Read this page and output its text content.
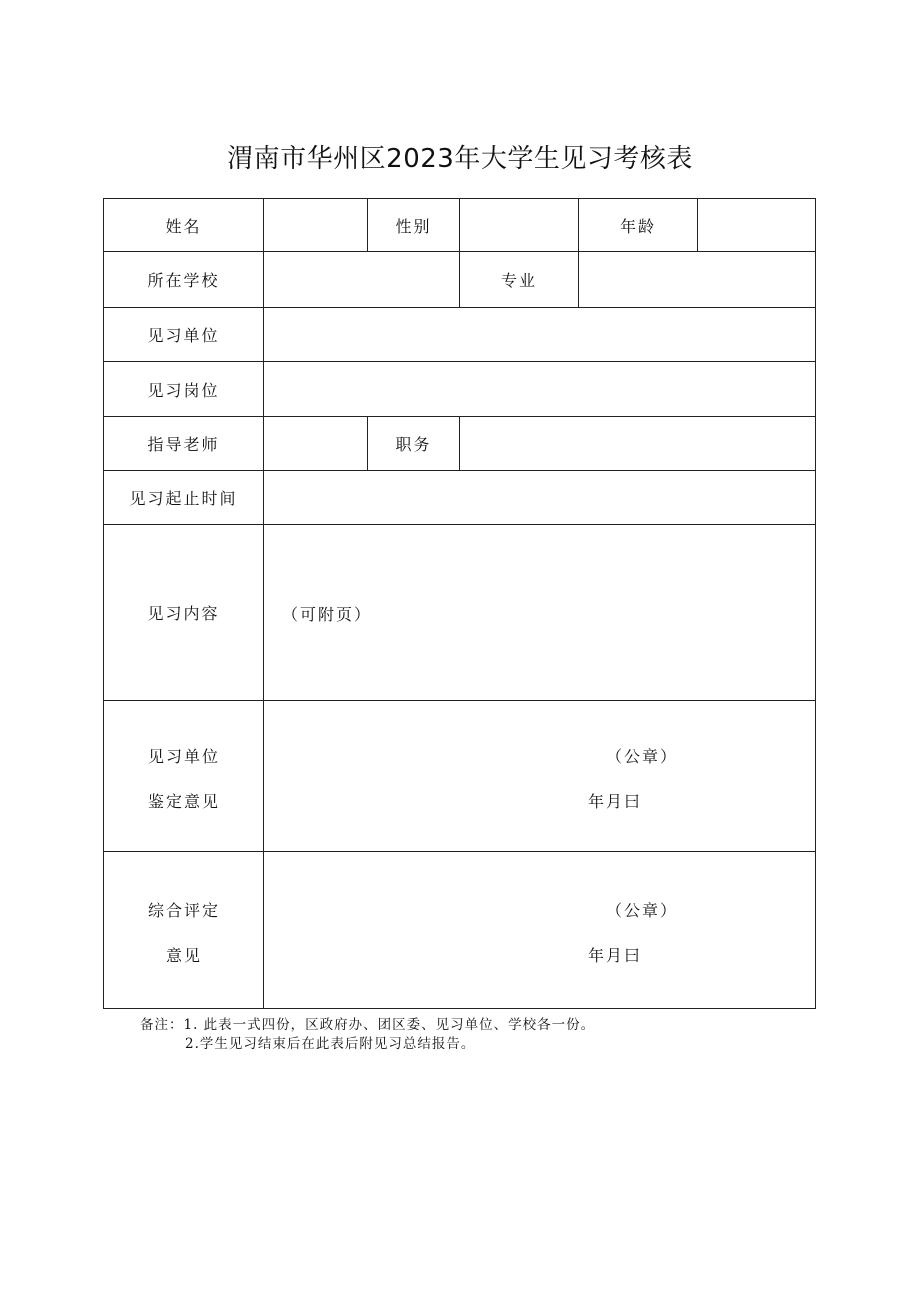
渭南市华州区2023年大学生见习考核表
姓名	性别	年龄
所在学校	专业
见习单位
见习岗位
指导老师	职务
见习起止时间
见习内容	（可附页）
见习单位
鉴定意见
（公章）
年月曰
综合评定
意见
（公章）
年月曰
备注：1. 此表一式四份，区政府办、团区委、见习单位、学校各一份。
2.学生见习结束后在此表后附见习总结报告。
